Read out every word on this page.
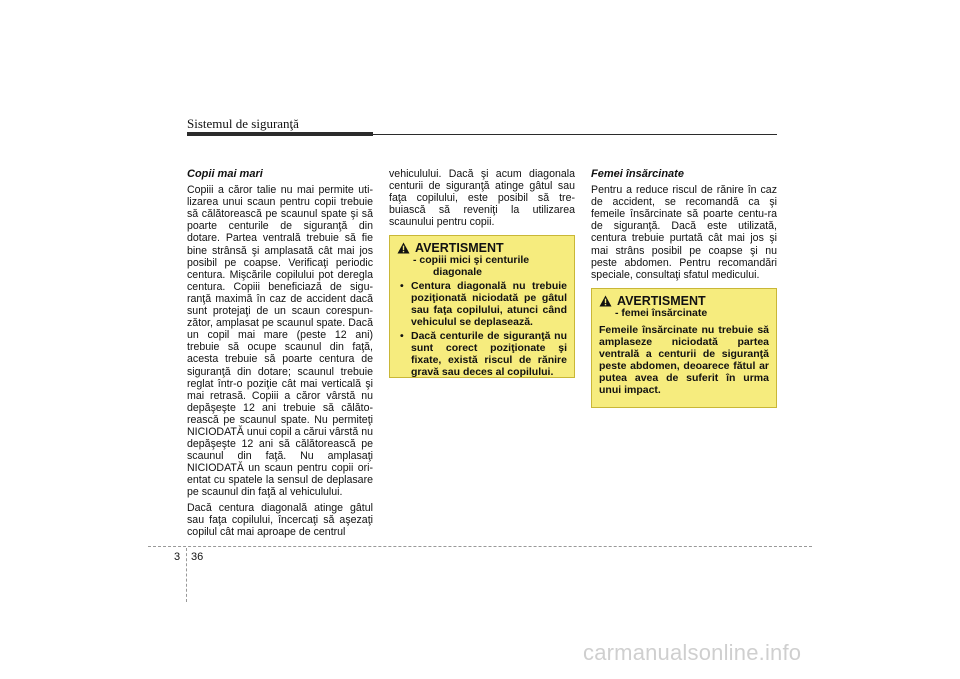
Sistemul de siguranţă
Copii mai mari

Copiii a căror talie nu mai permite uti-lizarea unui scaun pentru copii trebuie să călătorească pe scaunul spate şi să poarte centurile de siguranţă din dotare. Partea ventrală trebuie să fie bine strânsă şi amplasată cât mai jos posibil pe coapse. Verificaţi periodic centura. Mişcările copilului pot deregla centura. Copiii beneficiază de sigu-ranţă maximă în caz de accident dacă sunt protejaţi de un scaun corespun-zător, amplasat pe scaunul spate. Dacă un copil mai mare (peste 12 ani) trebuie să ocupe scaunul din faţă, acesta trebuie să poarte centura de siguranţă din dotare; scaunul trebuie reglat într-o poziţie cât mai verticală şi mai retrasă. Copiii a căror vârstă nu depăşeşte 12 ani trebuie să călăto-rească pe scaunul spate. Nu permiteţi NICIODATĂ unui copil a cărui vârstă nu depăşeşte 12 ani să călătorească pe scaunul din faţă. Nu amplasaţi NICIODATĂ un scaun pentru copii ori-entat cu spatele la sensul de deplasare pe scaunul din faţă al vehiculului.

Dacă centura diagonală atinge gâtul sau faţa copilului, încercaţi să aşezaţi copilul cât mai aproape de centrul

vehiculului. Dacă şi acum diagonala centurii de siguranţă atinge gâtul sau faţa copilului, este posibil să tre-buiască să reveniţi la utilizarea scaunului pentru copii.

AVERTISMENT
- copiii mici şi centurile
diagonale
• Centura diagonală nu trebuie poziţionată niciodată pe gâtul sau faţa copilului, atunci când vehiculul se deplasează.
• Dacă centurile de siguranţă nu sunt corect poziţionate şi fixate, există riscul de rănire gravă sau deces al copilului.
Femei însărcinate

Pentru a reduce riscul de rănire în caz de accident, se recomandă ca şi femeile însărcinate să poarte centu-ra de siguranţă. Dacă este utilizată, centura trebuie purtată cât mai jos şi mai strâns posibil pe coapse şi nu peste abdomen. Pentru recomandări speciale, consultaţi sfatul medicului.

AVERTISMENT
- femei însărcinate
Femeile însărcinate nu trebuie să amplaseze niciodată partea ventrală a centurii de siguranţă peste abdomen, deoarece fătul ar putea avea de suferit în urma unui impact.
3 36
carmanualsonline.info
